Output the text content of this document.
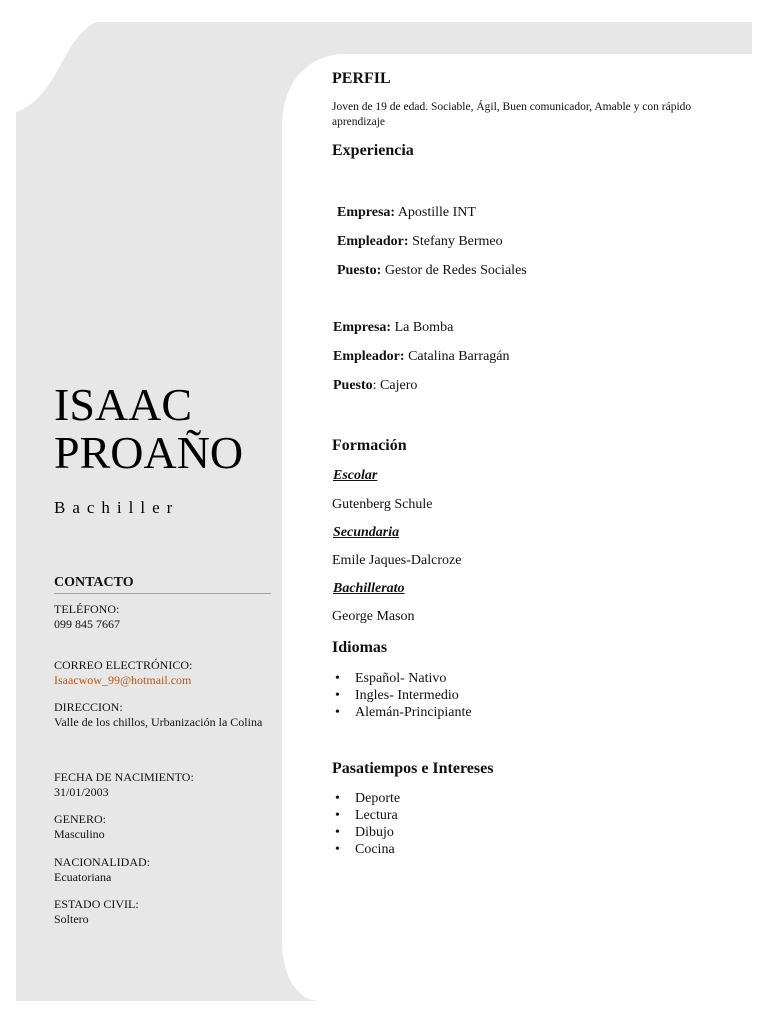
ISAAC
PROAÑO
Bachiller
CONTACTO
TELÉFONO:
099 845 7667
CORREO ELECTRÓNICO:
Isaacwow_99@hotmail.com
DIRECCION:
Valle de los chillos, Urbanización la Colina
FECHA DE NACIMIENTO:
31/01/2003
GENERO:
Masculino
NACIONALIDAD:
Ecuatoriana
ESTADO CIVIL:
Soltero
PERFIL
Joven de 19 de edad. Sociable, Ágil, Buen comunicador, Amable y con rápido aprendizaje
Experiencia
Empresa: Apostille INT
Empleador: Stefany Bermeo
Puesto: Gestor de Redes Sociales
Empresa: La Bomba
Empleador: Catalina Barragán
Puesto: Cajero
Formación
Escolar
Gutenberg Schule
Secundaria
Emile Jaques-Dalcroze
Bachillerato
George Mason
Idiomas
• Español- Nativo
• Ingles- Intermedio
• Alemán-Principiante
Pasatiempos e Intereses
• Deporte
• Lectura
• Dibujo
• Cocina
